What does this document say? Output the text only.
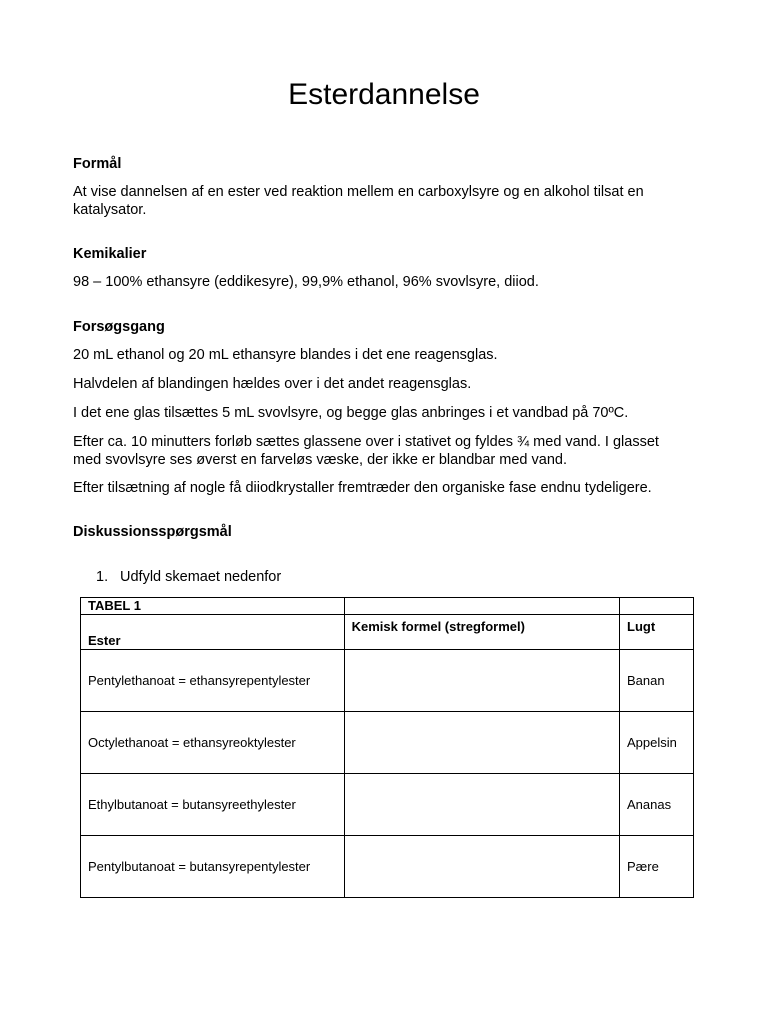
Esterdannelse
Formål

At vise dannelsen af en ester ved reaktion mellem en carboxylsyre og en alkohol tilsat en katalysator.

Kemikalier

98 – 100% ethansyre (eddikesyre), 99,9% ethanol, 96% svovlsyre, diiod.

Forsøgsgang

20 mL ethanol og 20 mL ethansyre blandes i det ene reagensglas.

Halvdelen af blandingen hældes over i det andet reagensglas.

I det ene glas tilsættes 5 mL svovlsyre, og begge glas anbringes i et vandbad på 70ºC.

Efter ca. 10 minutters forløb sættes glassene over i stativet og fyldes ¾ med vand. I glasset med svovlsyre ses øverst en farveløs væske, der ikke er blandbar med vand.

Efter tilsætning af nogle få diiodkrystaller fremtræder den organiske fase endnu tydeligere.

Diskussionsspørgsmål
1. Udfyld skemaet nedenfor
TABEL 1		
Ester	Kemisk formel (stregformel)	Lugt
Pentylethanoat = ethansyrepentylester		Banan
Octylethanoat = ethansyreoktylester		Appelsin
Ethylbutanoat = butansyreethylester		Ananas
Pentylbutanoat = butansyrepentylester		Pære
